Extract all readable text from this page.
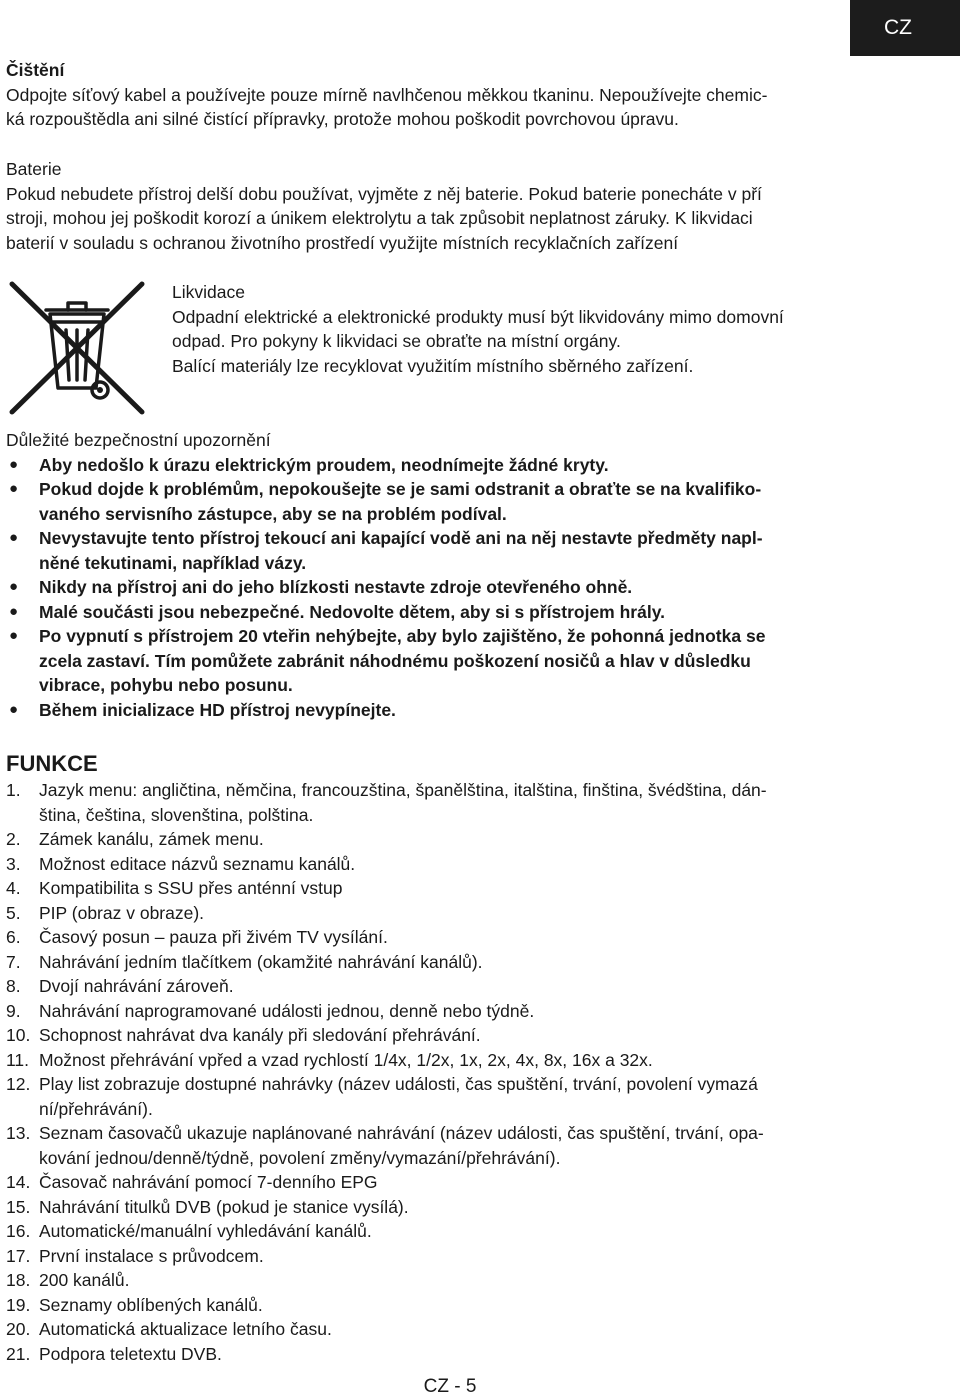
CZ

Čištění

Odpojte síťový kabel a používejte pouze mírně navlhčenou měkkou tkaninu. Nepoužívejte chemic-

ká rozpouštědla ani silné čistící přípravky, protože mohou poškodit povrchovou úpravu.

Baterie

Pokud nebudete přístroj delší dobu používat, vyjměte z něj baterie. Pokud baterie ponecháte v pří

stroji, mohou jej poškodit korozí a únikem elektrolytu a tak způsobit neplatnost záruky. K likvidaci

baterií v souladu s ochranou životního prostředí využijte místních recyklačních zařízení

Likvidace

Odpadní elektrické a elektronické produkty musí být likvidovány mimo domovní

odpad. Pro pokyny k likvidaci se obraťte na místní orgány.

Balící materiály lze recyklovat využitím místního sběrného zařízení.

Důležité bezpečnostní upozornění

● Aby nedošlo k úrazu elektrickým proudem, neodnímejte žádné kryty.
● Pokud dojde k problémům, nepokoušejte se je sami odstranit a obraťte se na kvalifiko-
vaného servisního zástupce, aby se na problém podíval.
● Nevystavujte tento přístroj tekoucí ani kapající vodě ani na něj nestavte předměty napl-
něné tekutinami, například vázy.
● Nikdy na přístroj ani do jeho blízkosti nestavte zdroje otevřeného ohně.
● Malé součásti jsou nebezpečné. Nedovolte dětem, aby si s přístrojem hrály.
● Po vypnutí s přístrojem 20 vteřin nehýbejte, aby bylo zajištěno, že pohonná jednotka se
zcela zastaví. Tím pomůžete zabránit náhodnému poškození nosičů a hlav v důsledku
vibrace, pohybu nebo posunu.
● Během inicializace HD přístroj nevypínejte.

FUNKCE

1. Jazyk menu: angličtina, němčina, francouzština, španělština, italština, finština, švédština, dán-
ština, čeština, slovenština, polština.
2. Zámek kanálu, zámek menu.
3. Možnost editace názvů seznamu kanálů.
4. Kompatibilita s SSU přes anténní vstup
5. PIP (obraz v obraze).
6. Časový posun – pauza při živém TV vysílání.
7. Nahrávání jedním tlačítkem (okamžité nahrávání kanálů).
8. Dvojí nahrávání zároveň.
9. Nahrávání naprogramované události jednou, denně nebo týdně.
10. Schopnost nahrávat dva kanály při sledování přehrávání.
11. Možnost přehrávání vpřed a vzad rychlostí 1/4x, 1/2x, 1x, 2x, 4x, 8x, 16x a 32x.
12. Play list zobrazuje dostupné nahrávky (název události, čas spuštění, trvání, povolení vymazá
ní/přehrávání).
13. Seznam časovačů ukazuje naplánované nahrávání (název události, čas spuštění, trvání, opa-
kování jednou/denně/týdně, povolení změny/vymazání/přehrávání).
14. Časovač nahrávání pomocí 7-denního EPG
15. Nahrávání titulků DVB (pokud je stanice vysílá).
16. Automatické/manuální vyhledávání kanálů.
17. První instalace s průvodcem.
18. 200 kanálů.
19. Seznamy oblíbených kanálů.
20. Automatická aktualizace letního času.
21. Podpora teletextu DVB.
CZ - 5
